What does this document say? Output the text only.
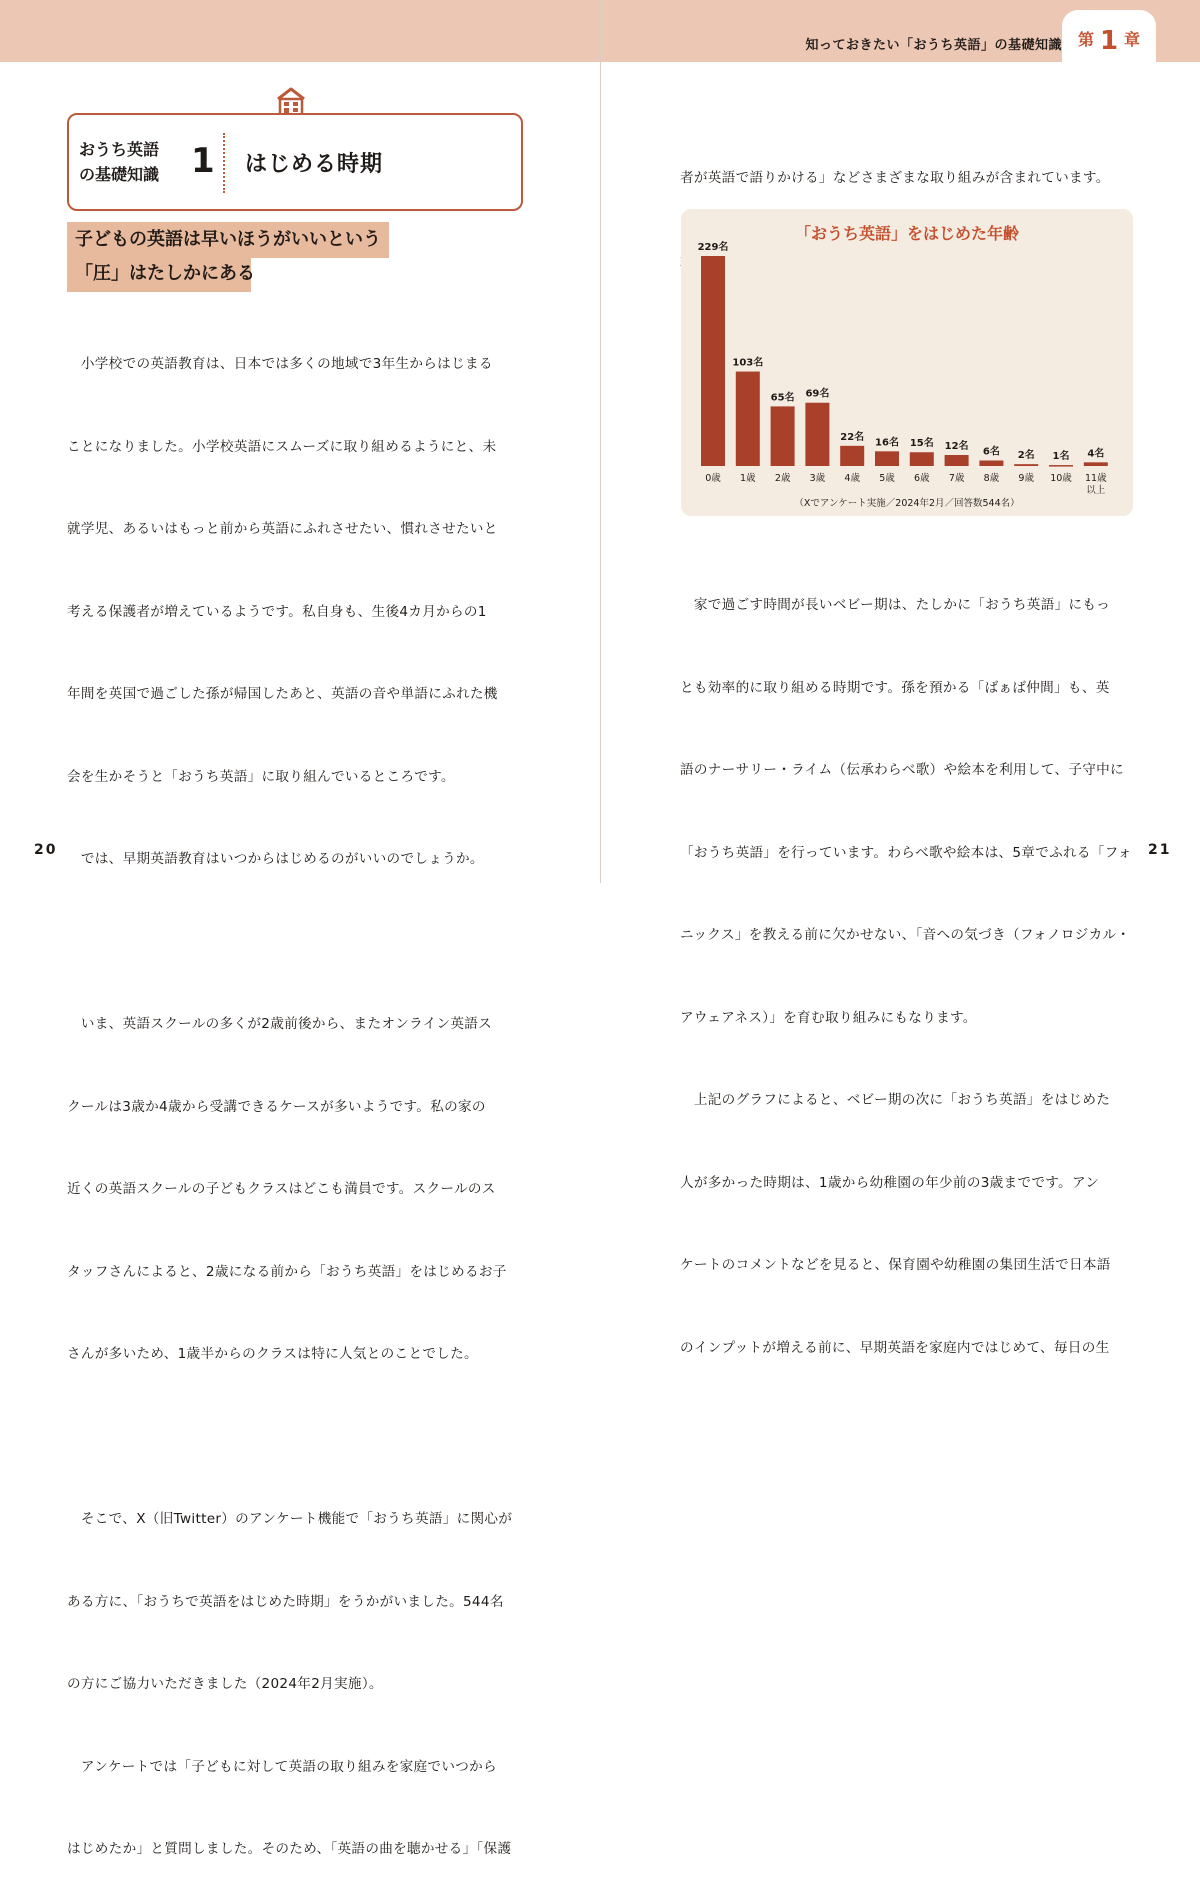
知っておきたい「おうち英語」の基礎知識 第 1 章
おうち英語
の基礎知識 1 はじめる時期
子どもの英語は早いほうがいいという
「圧」はたしかにある

　小学校での英語教育は、日本では多くの地域で3年生からはじまる

ことになりました。小学校英語にスムーズに取り組めるようにと、未

就学児、あるいはもっと前から英語にふれさせたい、慣れさせたいと

考える保護者が増えているようです。私自身も、生後4カ月からの1

年間を英国で過ごした孫が帰国したあと、英語の音や単語にふれた機

会を生かそうと「おうち英語」に取り組んでいるところです。

　では、早期英語教育はいつからはじめるのがいいのでしょうか。

　いま、英語スクールの多くが2歳前後から、またオンライン英語ス

クールは3歳か4歳から受講できるケースが多いようです。私の家の

近くの英語スクールの子どもクラスはどこも満員です。スクールのス

タッフさんによると、2歳になる前から「おうち英語」をはじめるお子

さんが多いため、1歳半からのクラスは特に人気とのことでした。

　そこで、X（旧Twitter）のアンケート機能で「おうち英語」に関心が

ある方に、「おうちで英語をはじめた時期」をうかがいました。544名

の方にご協力いただきました（2024年2月実施）。

　アンケートでは「子どもに対して英語の取り組みを家庭でいつから

はじめたか」と質問しました。そのため、「英語の曲を聴かせる」「保護

者が英語で語りかける」などさまざまな取り組みが含まれています。

「おうち英語」をはじめた年齢
229名
0歳
103名
1歳
65名
2歳
69名
3歳
22名
4歳
16名
5歳
15名
6歳
12名
7歳
6名
8歳
2名
9歳
1名
10歳
4名
11歳
以上
（Xでアンケート実施／2024年2月／回答数544名）

　家で過ごす時間が長いベビー期は、たしかに「おうち英語」にもっ

とも効率的に取り組める時期です。孫を預かる「ばぁば仲間」も、英

語のナーサリー・ライム（伝承わらべ歌）や絵本を利用して、子守中に

「おうち英語」を行っています。わらべ歌や絵本は、5章でふれる「フォ

ニックス」を教える前に欠かせない、「音への気づき（フォノロジカル・

アウェアネス）」を育む取り組みにもなります。

　上記のグラフによると、ベビー期の次に「おうち英語」をはじめた

人が多かった時期は、1歳から幼稚園の年少前の3歳までです。アン

ケートのコメントなどを見ると、保育園や幼稚園の集団生活で日本語

のインプットが増える前に、早期英語を家庭内ではじめて、毎日の生

20	21
